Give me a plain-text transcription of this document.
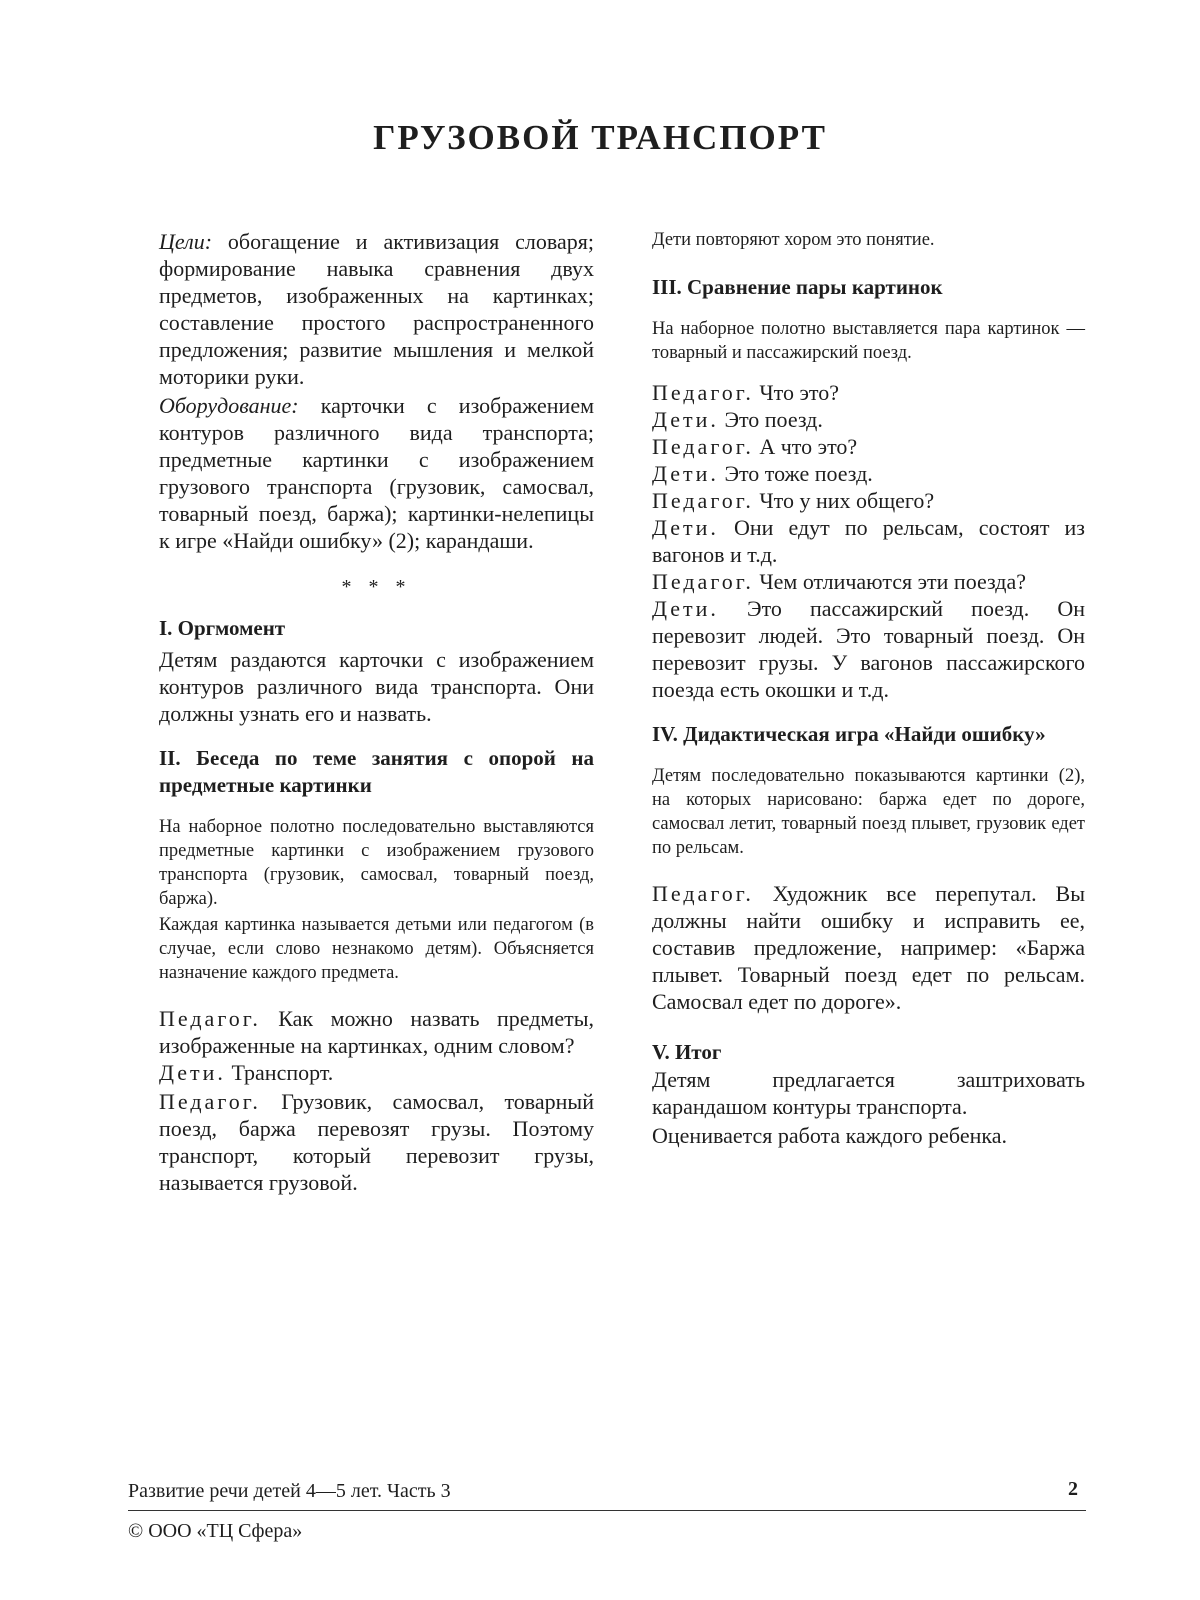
ГРУЗОВОЙ ТРАНСПОРТ

Цели: обогащение и активизация словаря; формирование навыка сравнения двух предметов, изображенных на картинках; составление простого распространенного предложения; развитие мышления и мелкой моторики руки.

Оборудование: карточки с изображением контуров различного вида транспорта; предметные картинки с изображением грузового транспорта (грузовик, самосвал, товарный поезд, баржа); картинки-нелепицы к игре «Найди ошибку» (2); карандаши.

* * *

I. Оргмомент

Детям раздаются карточки с изображением контуров различного вида транспорта. Они должны узнать его и назвать.

II. Беседа по теме занятия с опорой на предметные картинки

На наборное полотно последовательно выставляются предметные картинки с изображением грузового транспорта (грузовик, самосвал, товарный поезд, баржа).

Каждая картинка называется детьми или педагогом (в случае, если слово незнакомо детям). Объясняется назначение каждого предмета.

Педагог. Как можно назвать предметы, изображенные на картинках, одним словом?

Дети. Транспорт.

Педагог. Грузовик, самосвал, товарный поезд, баржа перевозят грузы. Поэтому транспорт, который перевозит грузы, называется грузовой.

Дети повторяют хором это понятие.

III. Сравнение пары картинок

На наборное полотно выставляется пара картинок — товарный и пассажирский поезд.

Педагог. Что это?

Дети. Это поезд.

Педагог. А что это?

Дети. Это тоже поезд.

Педагог. Что у них общего?

Дети. Они едут по рельсам, состоят из вагонов и т.д.

Педагог. Чем отличаются эти поезда?

Дети. Это пассажирский поезд. Он перевозит людей. Это товарный поезд. Он перевозит грузы. У вагонов пассажирского поезда есть окошки и т.д.

IV. Дидактическая игра «Найди ошибку»

Детям последовательно показываются картинки (2), на которых нарисовано: баржа едет по дороге, самосвал летит, товарный поезд плывет, грузовик едет по рельсам.

Педагог. Художник все перепутал. Вы должны найти ошибку и исправить ее, составив предложение, например: «Баржа плывет. Товарный поезд едет по рельсам. Самосвал едет по дороге».

V. Итог

Детям предлагается заштриховать карандашом контуры транспорта.

Оценивается работа каждого ребенка.

Развитие речи детей 4—5 лет. Часть 3	2
© ООО «ТЦ Сфера»
